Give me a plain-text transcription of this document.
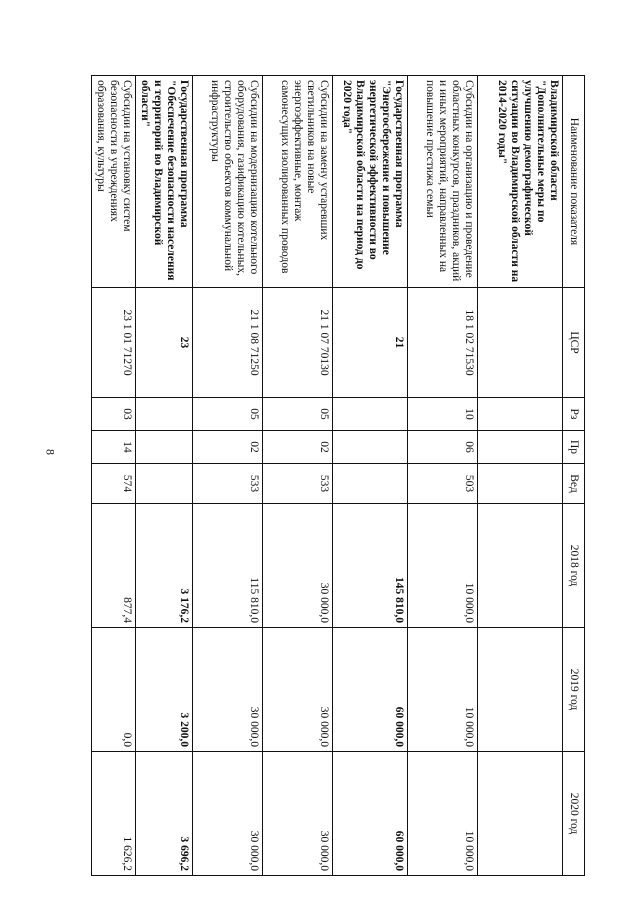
8
Наименование показателя	ЦСР	Рз	Пр	Вед	2018 год	2019 год	2020 год
Владимирской области "Дополнительные меры по улучшению демографической ситуации во Владимирской области на 2014-2020 годы"							
Субсидии на организацию и проведение областных конкурсов, праздников, акций и иных мероприятий, направленных на повышение престижа семьи	18 1 02 71530	10	06	503	10 000,0	10 000,0	10 000,0
Государственная программа "Энергосбережение и повышение энергетической эффективности во Владимирской области на период до 2020 года"	21				145 810,0	60 000,0	60 000,0
Субсидии на замену устаревших светильников на новые энергоэффективные, монтаж самонесущих изолированных проводов	21 1 07 70130	05	02	533	30 000,0	30 000,0	30 000,0
Субсидии на модернизацию котельного оборудования, газификацию котельных, строительство объектов коммунальной инфраструктуры	21 1 08 71250	05	02	533	115 810,0	30 000,0	30 000,0
Государственная программа "Обеспечение безопасности населения и территорий во Владимирской области"	23				3 176,2	3 200,0	3 696,2
Субсидии на установку систем безопасности в учреждениях образования, культуры	23 1 01 71270	03	14	574	877,4	0,0	1 626,2
